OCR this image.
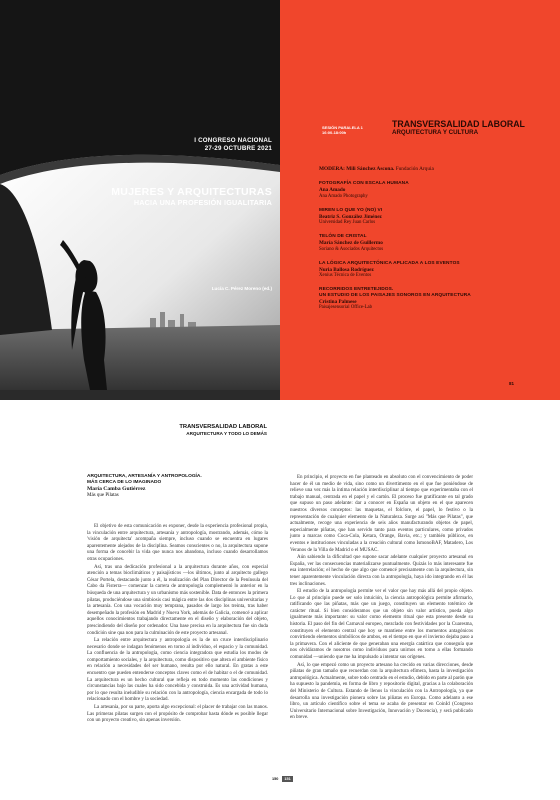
I CONGRESO NACIONAL
27-29 OCTUBRE 2021
MUJERES Y ARQUITECTURAS
HACIA UNA PROFESIÓN IGUALITARIA
Lucía C. Pérez Moreno (ed.)
SESIÓN PARALELA 1
16:00-18:00h
TRANSVERSALIDAD LABORAL
ARQUITECTURA Y CULTURA
MODERA: Mili Sánchez Ascona. Fundación Arquia
FOTOGRAFÍA CON ESCALA HUMANA
Ana Amado
Ana Amado Photography
MIREN LO QUE YO (NO) VI
Beatriz S. González Jiménez
Universidad Rey Juan Carlos
TELÓN DE CRISTAL
María Sánchez de Guillermo
Soriano & Asociados Arquitectos
LA LÓGICA ARQUITECTÓNICA APLICADA A LOS EVENTOS
Nuria Ballosa Rodríguez
Xeníus Técnica de Eventos
RECORRIDOS ENTRETEJIDOS.
UN ESTUDIO DE LOS PAISAJES SONOROS EN ARQUITECTURA
Cristina Palmese
Paisajesensorial Office-Lab
81
TRANSVERSALIDAD LABORAL
ARQUITECTURA Y TODO LO DEMÁS
ARQUITECTURA, ARTESANÍA Y ANTROPOLOGÍA.
MÁS CERCA DE LO IMAGINADO
María Camba Gutiérrez
Más que Pilatas

El objetivo de esta comunicación es exponer, desde la experiencia profesional propia, la vinculación entre arquitectura, artesanía y antropología, mostrando, además, cómo la 'visión de arquitecta' acompaña siempre, incluso cuando se encuentra en lugares aparentemente alejados de la disciplina. Seamos conscientes o no, la arquitectura supone una forma de concebir la vida que nunca nos abandona, incluso cuando desarrollamos otras ocupaciones.

Así, tras una dedicación profesional a la arquitectura durante años, con especial atención a temas bioclimáticos y paisajísticos —los últimos, junto al arquitecto gallego César Portela, destacando junto a él, la realización del Plan Director de la Península del Cabo da Fisterra— comenzar la carrera de antropología complementó lo anterior en la búsqueda de una arquitectura y un urbanismo más sostenible. Data de entonces la primera pilatas, produciéndose una simbiosis casi mágica entre las dos disciplinas universitarias y la artesanía. Con una vocación muy temprana, pasados de largo los treinta, tras haber desempeñado la profesión en Madrid y Nueva York, además de Galicia, comencé a aplicar aquellos conocimientos trabajando directamente en el diseño y elaboración del objeto, prescindiendo del diseño por ordenador. Una base precisa en la arquitectura fue sin duda condición sine qua non para la culminación de este proyecto artesanal.

La relación entre arquitectura y antropología es la de un cruce interdisciplinario necesario donde se indagan fenómenos en torno al individuo, el espacio y la comunidad. La confluencia de la antropología, como ciencia integradora que estudia los modos de comportamiento sociales, y la arquitectura, como dispositivo que altera el ambiente físico en relación a necesidades del ser humano, resulta por ello natural. En gratas a este encuentro que pueden entenderse conceptos claves como el de habitar o el de comunidad. La arquitectura es un hecho cultural que refleja en todo momento las condiciones y circunstancias bajo las cuales ha sido concebida y construida. Es una actividad humana, por lo que resulta ineludible su relación con la antropología, ciencia encargada de todo lo relacionado con el hombre y la sociedad.

La artesanía, por su parte, aporta algo excepcional: el placer de trabajar con las manos. Las primeras pilatas surgen con el propósito de comprobar hasta dónde es posible llegar con un proyecto creativo, sin apenas inversión.

En principio, el proyecto en fue planteado en absoluto con el convencimiento de poder hacer de él un medio de vida, sino como un divertimento en el que fue poniéndose de relieve una vez más la íntima relación interdisciplinar al tiempo que experimentaba con el trabajo manual, centrada en el papel y el cartón. El proceso fue gratificante en tal grado que supuso un paso adelante: dar a conocer en España un objeto en el que aparecen nuestros diversos conceptos: las maquetas, el folclore, el papel, lo festivo o la representación de cualquier elemento de la Naturaleza. Surge así "Más que Pilatas", que actualmente, recoge una experiencia de seis años manufacturando objetos de papel, especialmente piñatas, que han servido tanto para eventos particulares, como privados junto a marcas como Coca-Cola, Ketara, Orange, Bavia, etc.; y también públicos, en eventos e instituciones vinculadas a la creación cultural como IsmonoBAF, Matadero, Los Veranos de la Villa de Madrid o el MUSAC.

Aún sabiendo la dificultad que supone sacar adelante cualquier proyecto artesanal en España, ver las consecuencias materializarse puntualmente. Quizás lo más interesante fue esa interrelación; el hecho de que algo que comencé precisamente con la arquitectura, sin tener aparentemente vinculación directa con la antropología, haya ido integrando en él las tres inclinaciones.

El estudio de la antropología permite ver el valor que hay más allá del propio objeto. Lo que al principio puede ser solo intuición, la ciencia antropológica permite afirmarlo, ratificando que las piñatas, más que un juego, constituyen un elemento totémico de carácter ritual. Si bien consideramos que un objeto sin valor artístico, pueda algo igualmente más importante: su valor como elemento ritual que esta presente desde su historia. El paso del fin del Carnaval europeo, mezclado con festividades por la Cuaresma, constituyen el elemento central que hoy se mantiene entre los momentos antagónicos convirtiendo elementos simbólicos de ambos, en el tiempo en que el invierno dejaba paso a la primavera. Con el aliciente de que generaban una energía catártica que conseguía que nos olvidáramos de nosotros como individuos para unirnos en torno a ellas formando comunidad —uniendo que me ha impulsado a intentar sus orígenes.

Así, lo que empezó como un proyecto artesano ha crecido en varias direcciones, desde piñatas de gran tamaño que recuerdan con la arquitectura efímera, hasta la investigación antropológica. Actualmente, sobre todo centrado en el estudio, debido en parte al parón que ha supuesto la pandemia, en forma de libro y repositorio digital, gracias a la colaboración del Ministerio de Cultura. Estando de llenos la vinculación con la Antropología, ya que desarrolla una investigación pionera sobre las piñatas en Europa. Como adelanto a ese libro, un artículo científico sobre el tema se acaba de presentar en CoinId (Congreso Universitario Internacional sobre Investigación, Innovación y Docencia), y será publicado en breve.

150	151
